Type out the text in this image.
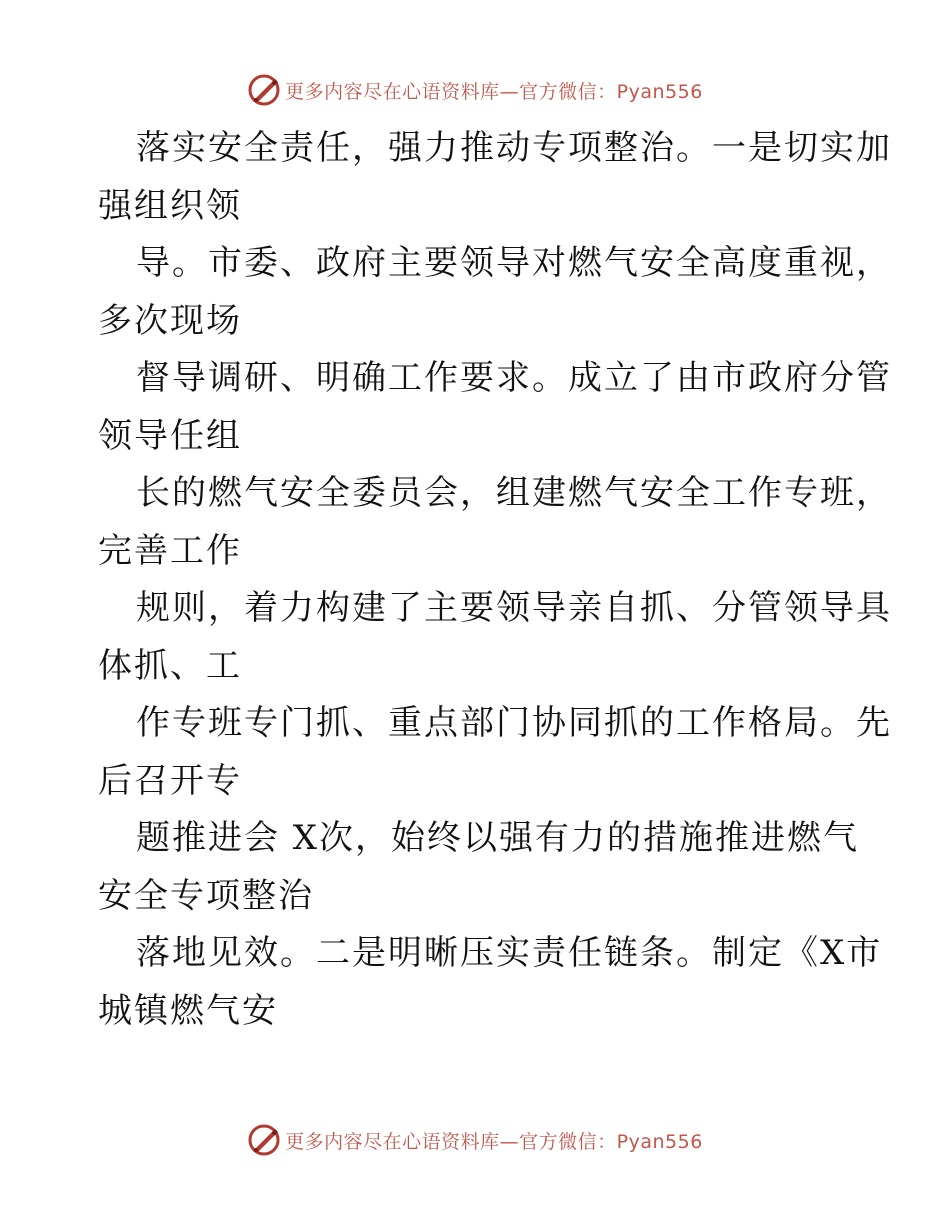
更多内容尽在心语资料库—官方微信：Pyan556
落实安全责任，强力推动专项整治。一是切实加
强组织领
导。市委、政府主要领导对燃气安全高度重视，
多次现场
督导调研、明确工作要求。成立了由市政府分管
领导任组
长的燃气安全委员会，组建燃气安全工作专班，
完善工作
规则，着力构建了主要领导亲自抓、分管领导具
体抓、工
作专班专门抓、重点部门协同抓的工作格局。先
后召开专
题推进会 X次，始终以强有力的措施推进燃气
安全专项整治
落地见效。二是明晰压实责任链条。制定《X市
城镇燃气安
更多内容尽在心语资料库—官方微信：Pyan556
